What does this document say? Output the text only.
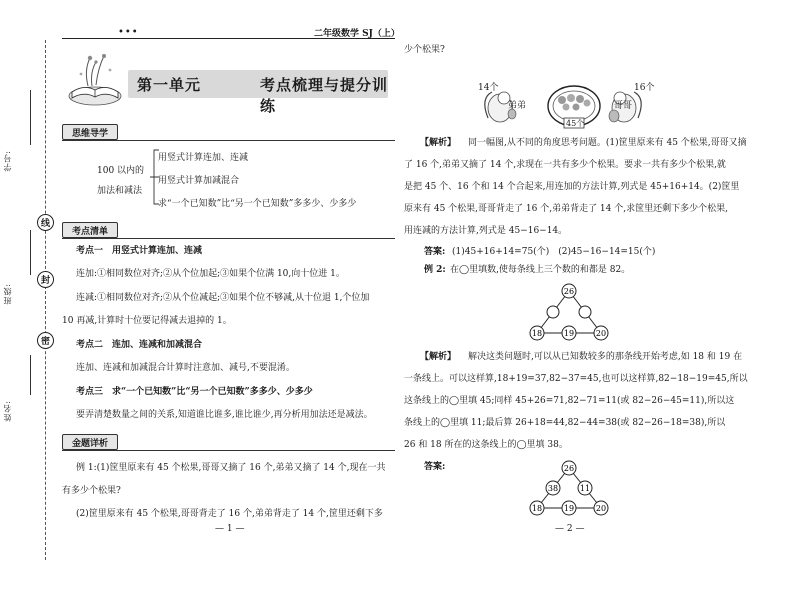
学号:
线
班级:
封
密
姓名:
•••	二年级数学 SJ（上）
第一单元	考点梳理与提分训练
思维导学
100 以内的
加法和减法
用竖式计算连加、连减
用竖式计算加减混合
求“一个已知数”比“另一个已知数”多多少、少多少
考点清单
考点一　用竖式计算连加、连减
连加:①相同数位对齐;②从个位加起;③如果个位满 10,向十位进 1。
连减:①相同数位对齐;②从个位减起;③如果个位不够减,从十位退 1,个位加
10 再减,计算时十位要记得减去退掉的 1。
考点二　连加、连减和加减混合
连加、连减和加减混合计算时注意加、减号,不要混淆。
考点三　求“一个已知数”比“另一个已知数”多多少、少多少
要弄清楚数量之间的关系,知道谁比谁多,谁比谁少,再分析用加法还是减法。
金题详析
例 1:(1)筐里原来有 45 个松果,哥哥又摘了 16 个,弟弟又摘了 14 个,现在一共
有多少个松果?
(2)筐里原来有 45 个松果,哥哥背走了 16 个,弟弟背走了 14 个,筐里还剩下多
— 1 —
少个松果?
14个	16个
45个
弟弟	哥哥
【解析】 同一幅图,从不同的角度思考问题。(1)筐里原来有 45 个松果,哥哥又摘
了 16 个,弟弟又摘了 14 个,求现在一共有多少个松果。要求一共有多少个松果,就
是把 45 个、16 个和 14 个合起来,用连加的方法计算,列式是 45+16+14。(2)筐里
原来有 45 个松果,哥哥背走了 16 个,弟弟背走了 14 个,求筐里还剩下多少个松果,
用连减的方法计算,列式是 45−16−14。
答案: (1)45+16+14=75(个)　(2)45−16−14=15(个)
例 2: 在◯里填数,使每条线上三个数的和都是 82。
26
18	19	20
【解析】 解决这类问题时,可以从已知数较多的那条线开始考虑,如 18 和 19 在
一条线上。可以这样算,18+19=37,82−37=45,也可以这样算,82−18−19=45,所以
这条线上的◯里填 45;同样 45+26=71,82−71=11(或 82−26−45=11),所以这
条线上的◯里填 11;最后算 26+18=44,82−44=38(或 82−26−18=38),所以
26 和 18 所在的这条线上的◯里填 38。
答案:	26
38	11
18	19	20
— 2 —
